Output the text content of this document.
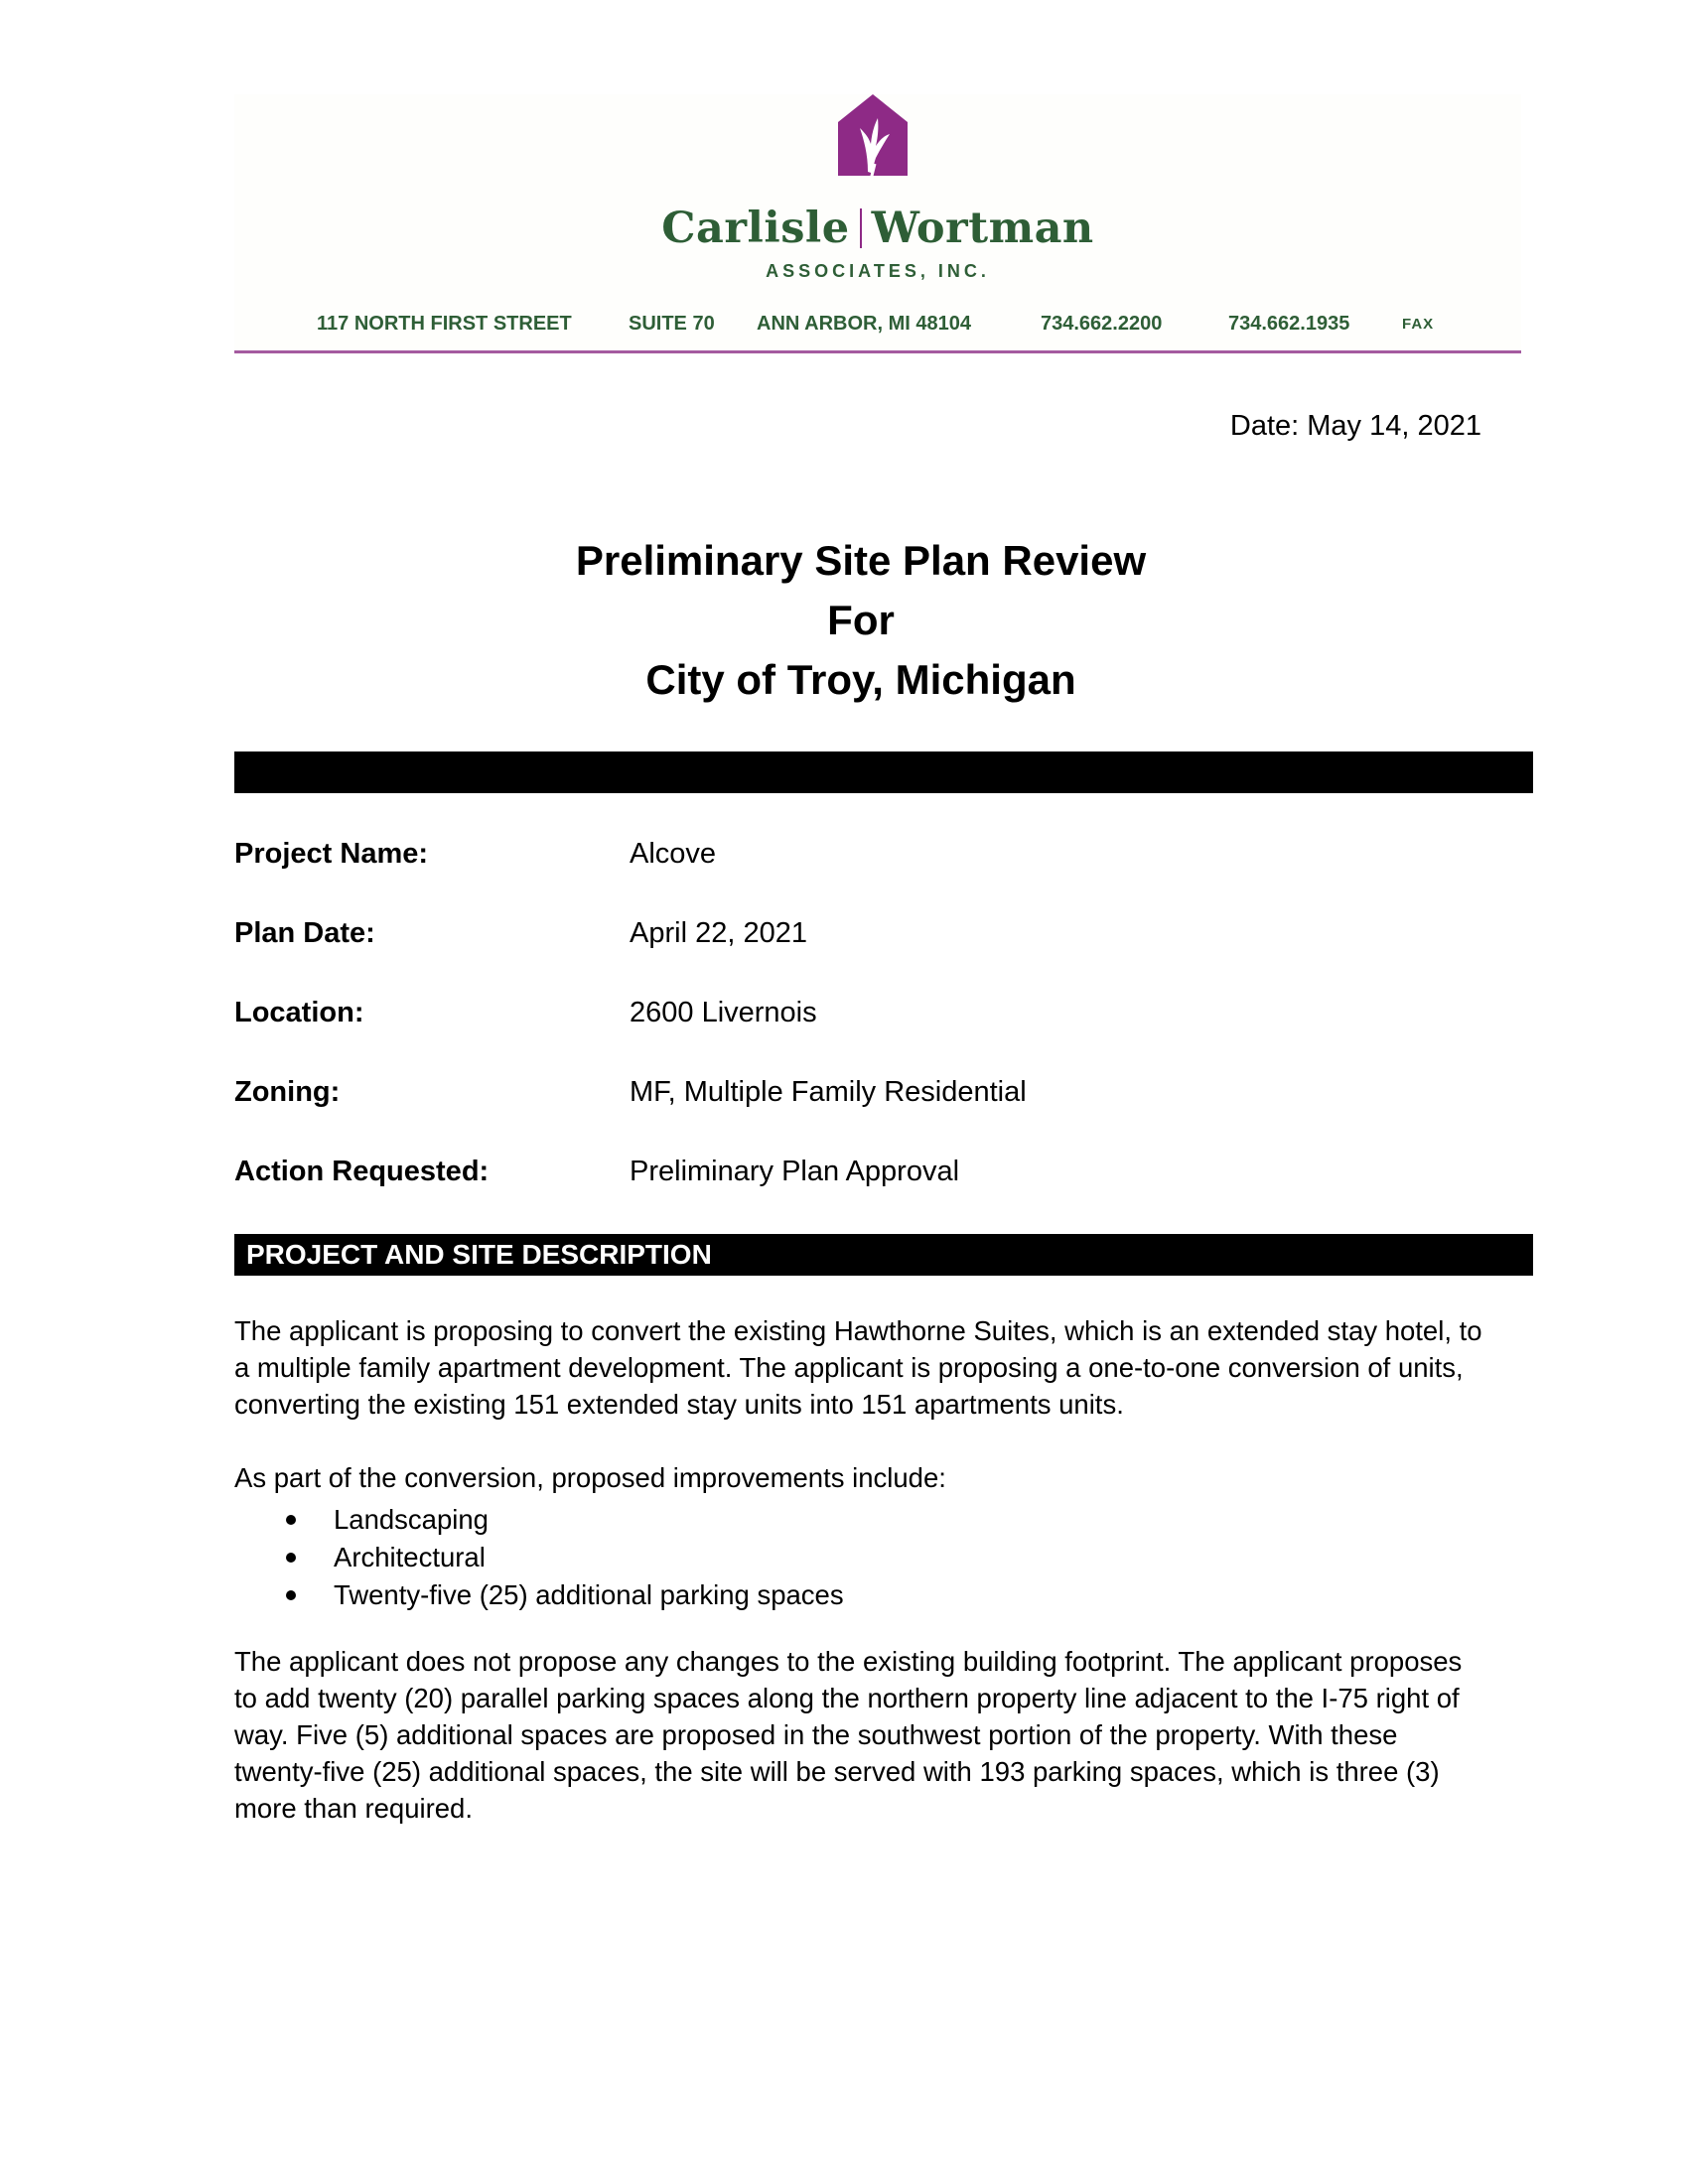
Carlisle Wortman
ASSOCIATES, INC.
117 NORTH FIRST STREET	SUITE 70 ANN ARBOR, MI 48104	734.662.2200	734.662.1935	FAX
Date: May 14, 2021
Preliminary Site Plan Review
For
City of Troy, Michigan
Project Name:	Alcove
Plan Date:	April 22, 2021
Location:	2600 Livernois
Zoning:	MF, Multiple Family Residential
Action Requested:	Preliminary Plan Approval
PROJECT AND SITE DESCRIPTION

The applicant is proposing to convert the existing Hawthorne Suites, which is an extended stay hotel, to a multiple family apartment development. The applicant is proposing a one-to-one conversion of units, converting the existing 151 extended stay units into 151 apartments units.

As part of the conversion, proposed improvements include:

Landscaping
Architectural
Twenty-five (25) additional parking spaces

The applicant does not propose any changes to the existing building footprint. The applicant proposes to add twenty (20) parallel parking spaces along the northern property line adjacent to the I-75 right of way. Five (5) additional spaces are proposed in the southwest portion of the property. With these twenty-five (25) additional spaces, the site will be served with 193 parking spaces, which is three (3) more than required.
